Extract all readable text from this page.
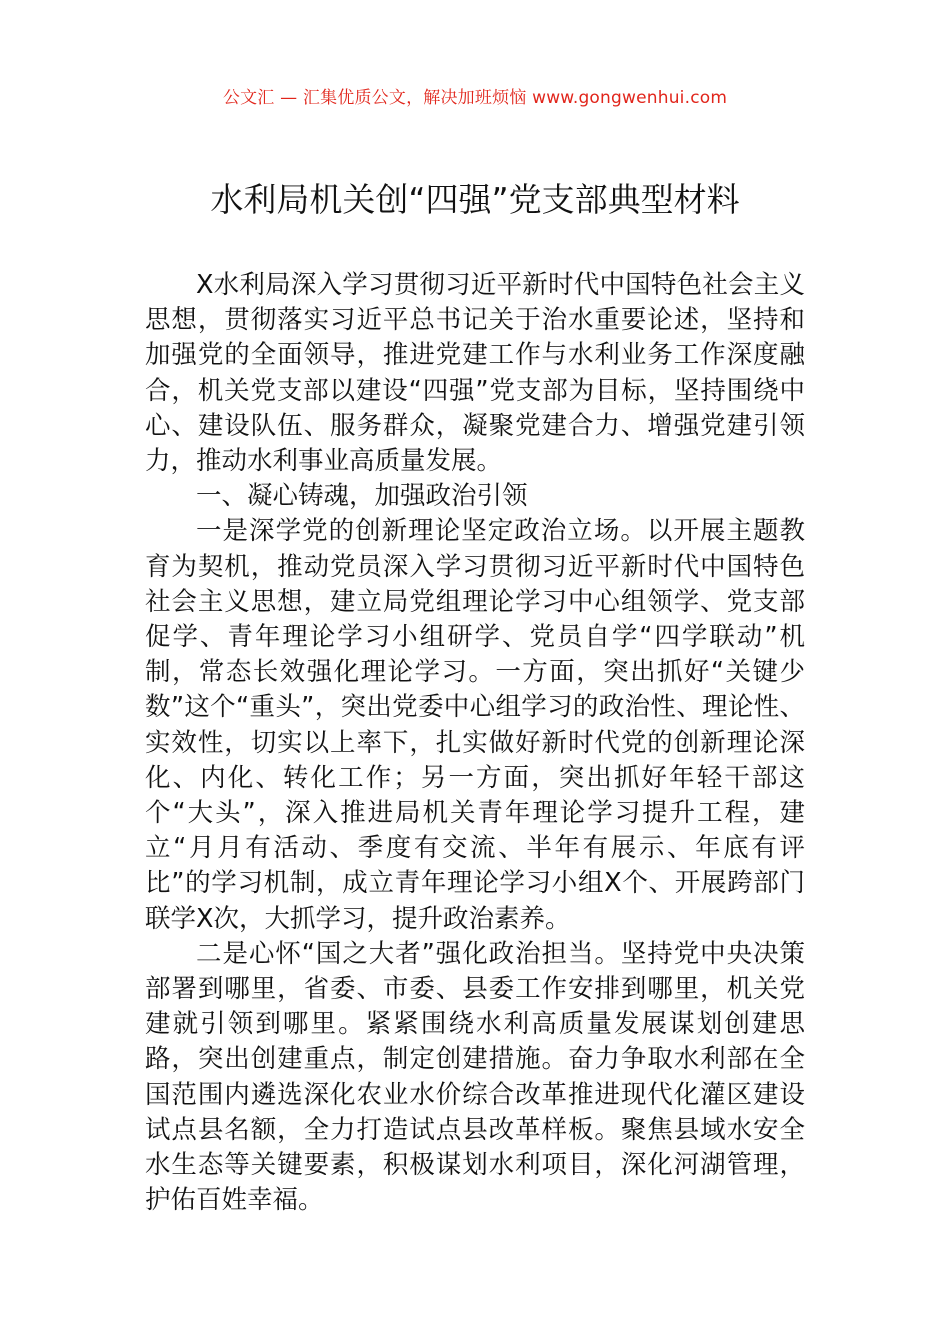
公文汇 — 汇集优质公文，解决加班烦恼 www.gongwenhui.com
水利局机关创“四强”党支部典型材料

X水利局深入学习贯彻习近平新时代中国特色社会主义思想，贯彻落实习近平总书记关于治水重要论述，坚持和加强党的全面领导，推进党建工作与水利业务工作深度融合，机关党支部以建设“四强”党支部为目标，坚持围绕中心、建设队伍、服务群众，凝聚党建合力、增强党建引领力，推动水利事业高质量发展。

一、凝心铸魂，加强政治引领

一是深学党的创新理论坚定政治立场。以开展主题教育为契机，推动党员深入学习贯彻习近平新时代中国特色社会主义思想，建立局党组理论学习中心组领学、党支部促学、青年理论学习小组研学、党员自学“四学联动”机制，常态长效强化理论学习。一方面，突出抓好“关键少数”这个“重头”，突出党委中心组学习的政治性、理论性、实效性，切实以上率下，扎实做好新时代党的创新理论深化、内化、转化工作；另一方面，突出抓好年轻干部这个“大头”，深入推进局机关青年理论学习提升工程，建立“月月有活动、季度有交流、半年有展示、年底有评比”的学习机制，成立青年理论学习小组X个、开展跨部门联学X次，大抓学习，提升政治素养。

二是心怀“国之大者”强化政治担当。坚持党中央决策部署到哪里，省委、市委、县委工作安排到哪里，机关党建就引领到哪里。紧紧围绕水利高质量发展谋划创建思路，突出创建重点，制定创建措施。奋力争取水利部在全国范围内遴选深化农业水价综合改革推进现代化灌区建设试点县名额，全力打造试点县改革样板。聚焦县域水安全水生态等关键要素，积极谋划水利项目，深化河湖管理，护佑百姓幸福。
